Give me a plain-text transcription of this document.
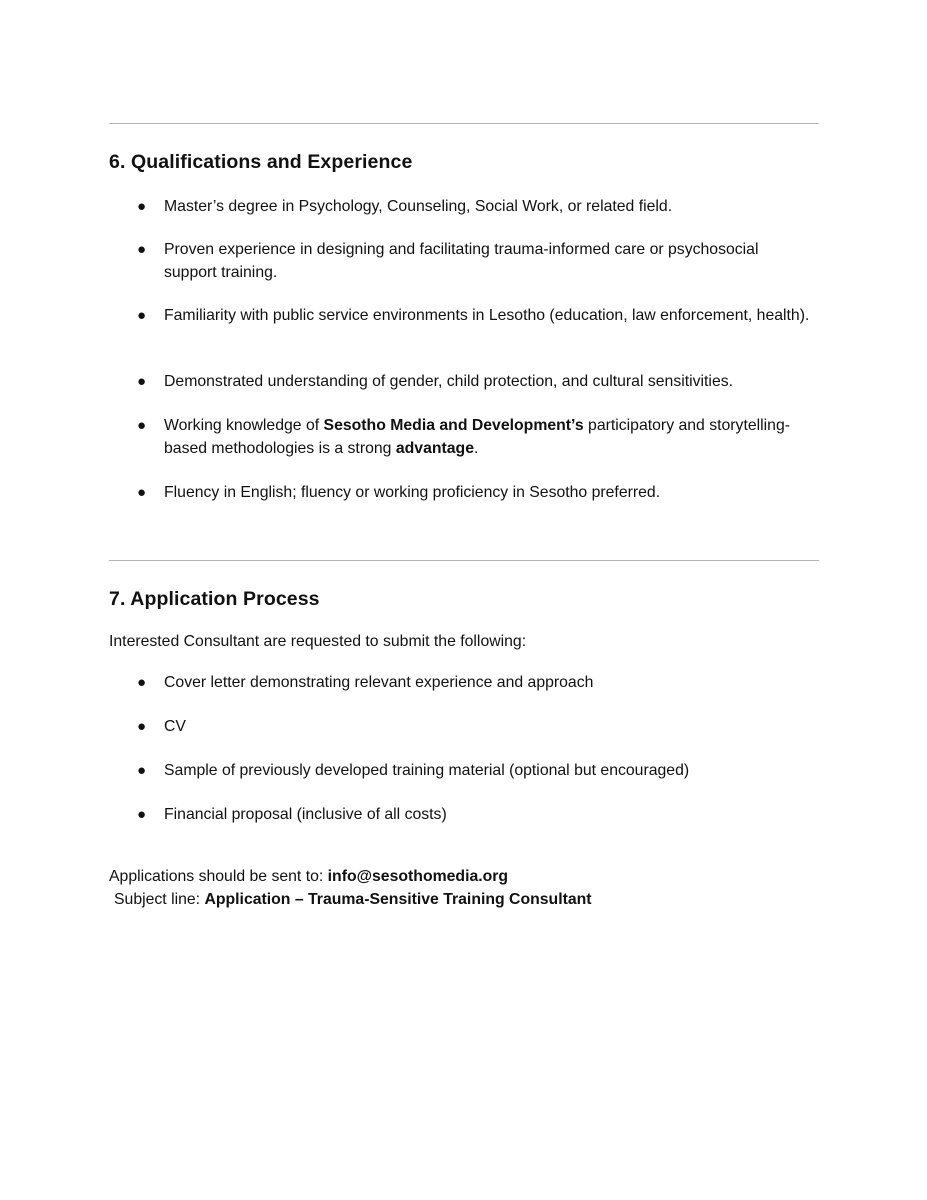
6. Qualifications and Experience
● Master’s degree in Psychology, Counseling, Social Work, or related field.
● Proven experience in designing and facilitating trauma-informed care or psychosocial support training.
● Familiarity with public service environments in Lesotho (education, law enforcement, health).
● Demonstrated understanding of gender, child protection, and cultural sensitivities.
● Working knowledge of Sesotho Media and Development’s participatory and storytelling-based methodologies is a strong advantage.
● Fluency in English; fluency or working proficiency in Sesotho preferred.
7. Application Process

Interested Consultant are requested to submit the following:

● Cover letter demonstrating relevant experience and approach
● CV
● Sample of previously developed training material (optional but encouraged)
● Financial proposal (inclusive of all costs)

Applications should be sent to: info@sesothomedia.org

Subject line: Application – Trauma-Sensitive Training Consultant
